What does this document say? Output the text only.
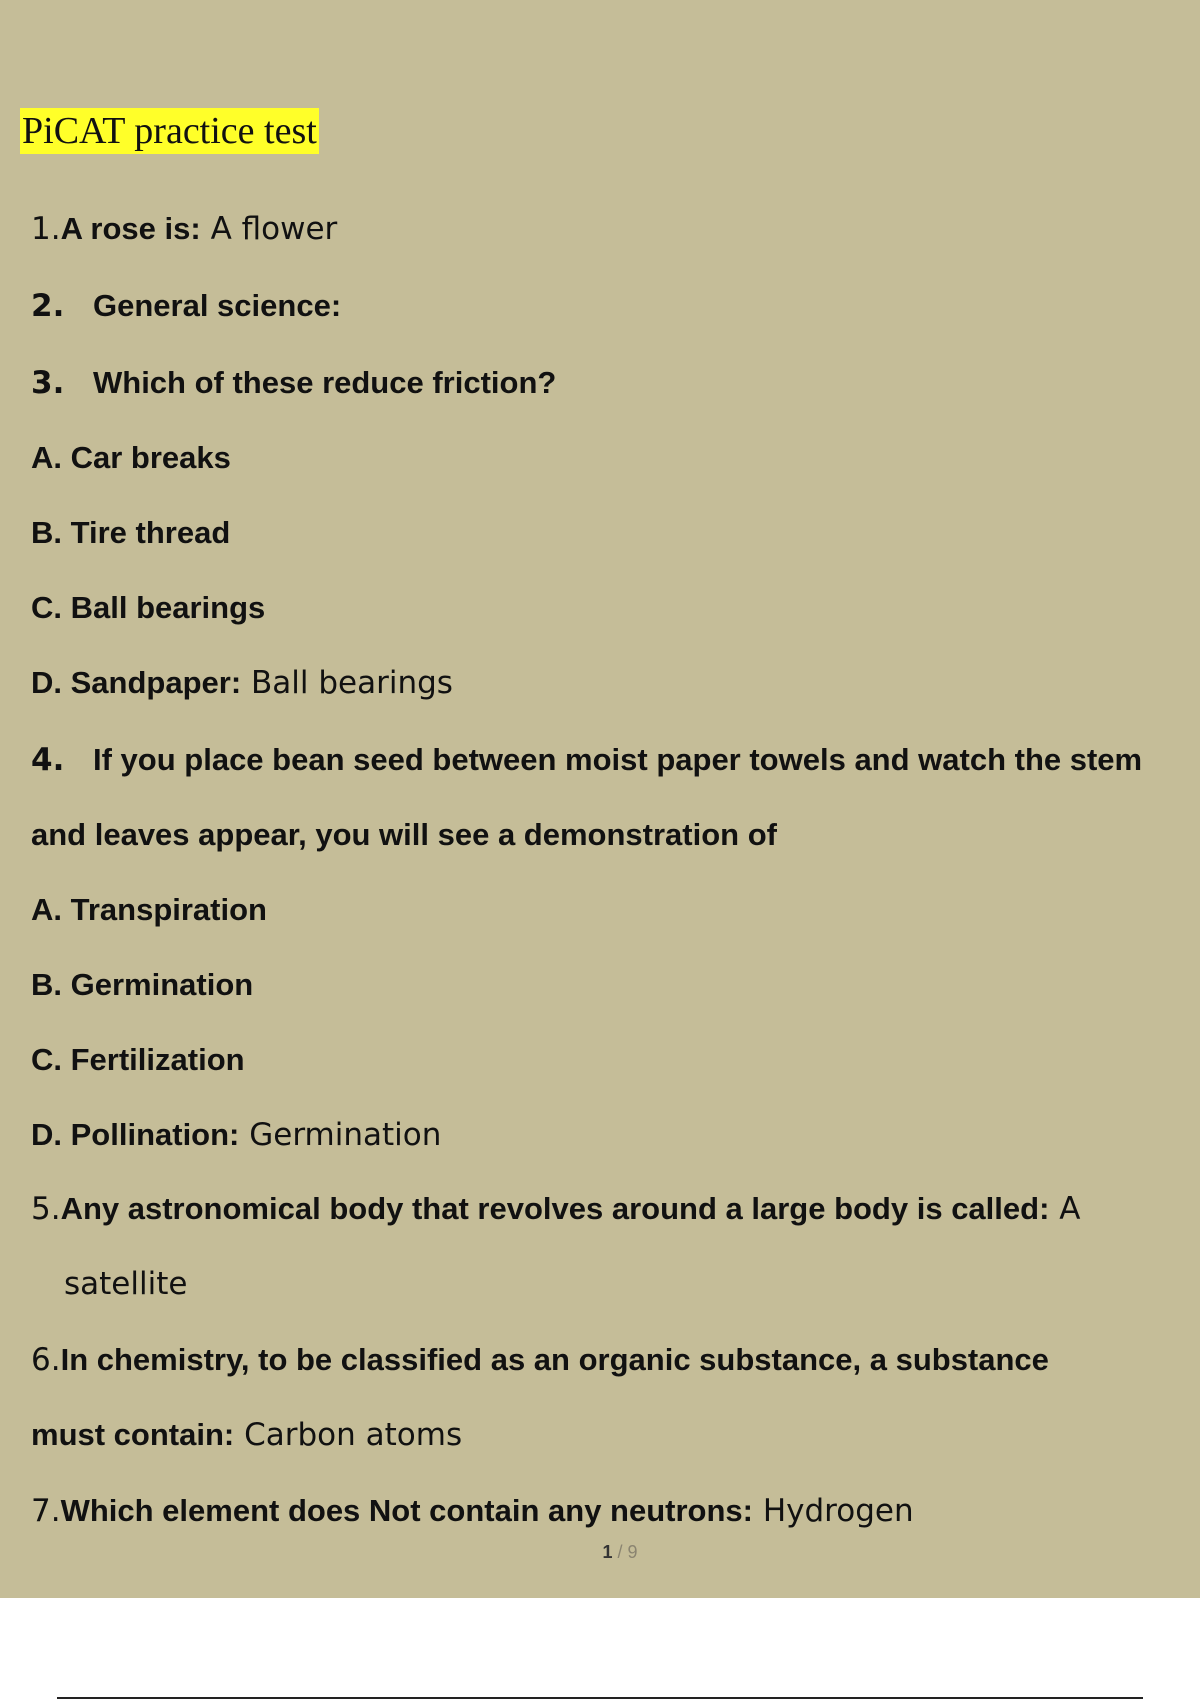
PiCAT practice test
1.A rose is: A flower
2. General science:
3. Which of these reduce friction?
A. Car breaks
B. Tire thread
C. Ball bearings
D. Sandpaper: Ball bearings
4. If you place bean seed between moist paper towels and watch the stem
and leaves appear, you will see a demonstration of
A. Transpiration
B. Germination
C. Fertilization
D. Pollination: Germination
5.Any astronomical body that revolves around a large body is called: A
satellite
6.In chemistry, to be classified as an organic substance, a substance
must contain: Carbon atoms
7.Which element does Not contain any neutrons: Hydrogen
1 / 9
